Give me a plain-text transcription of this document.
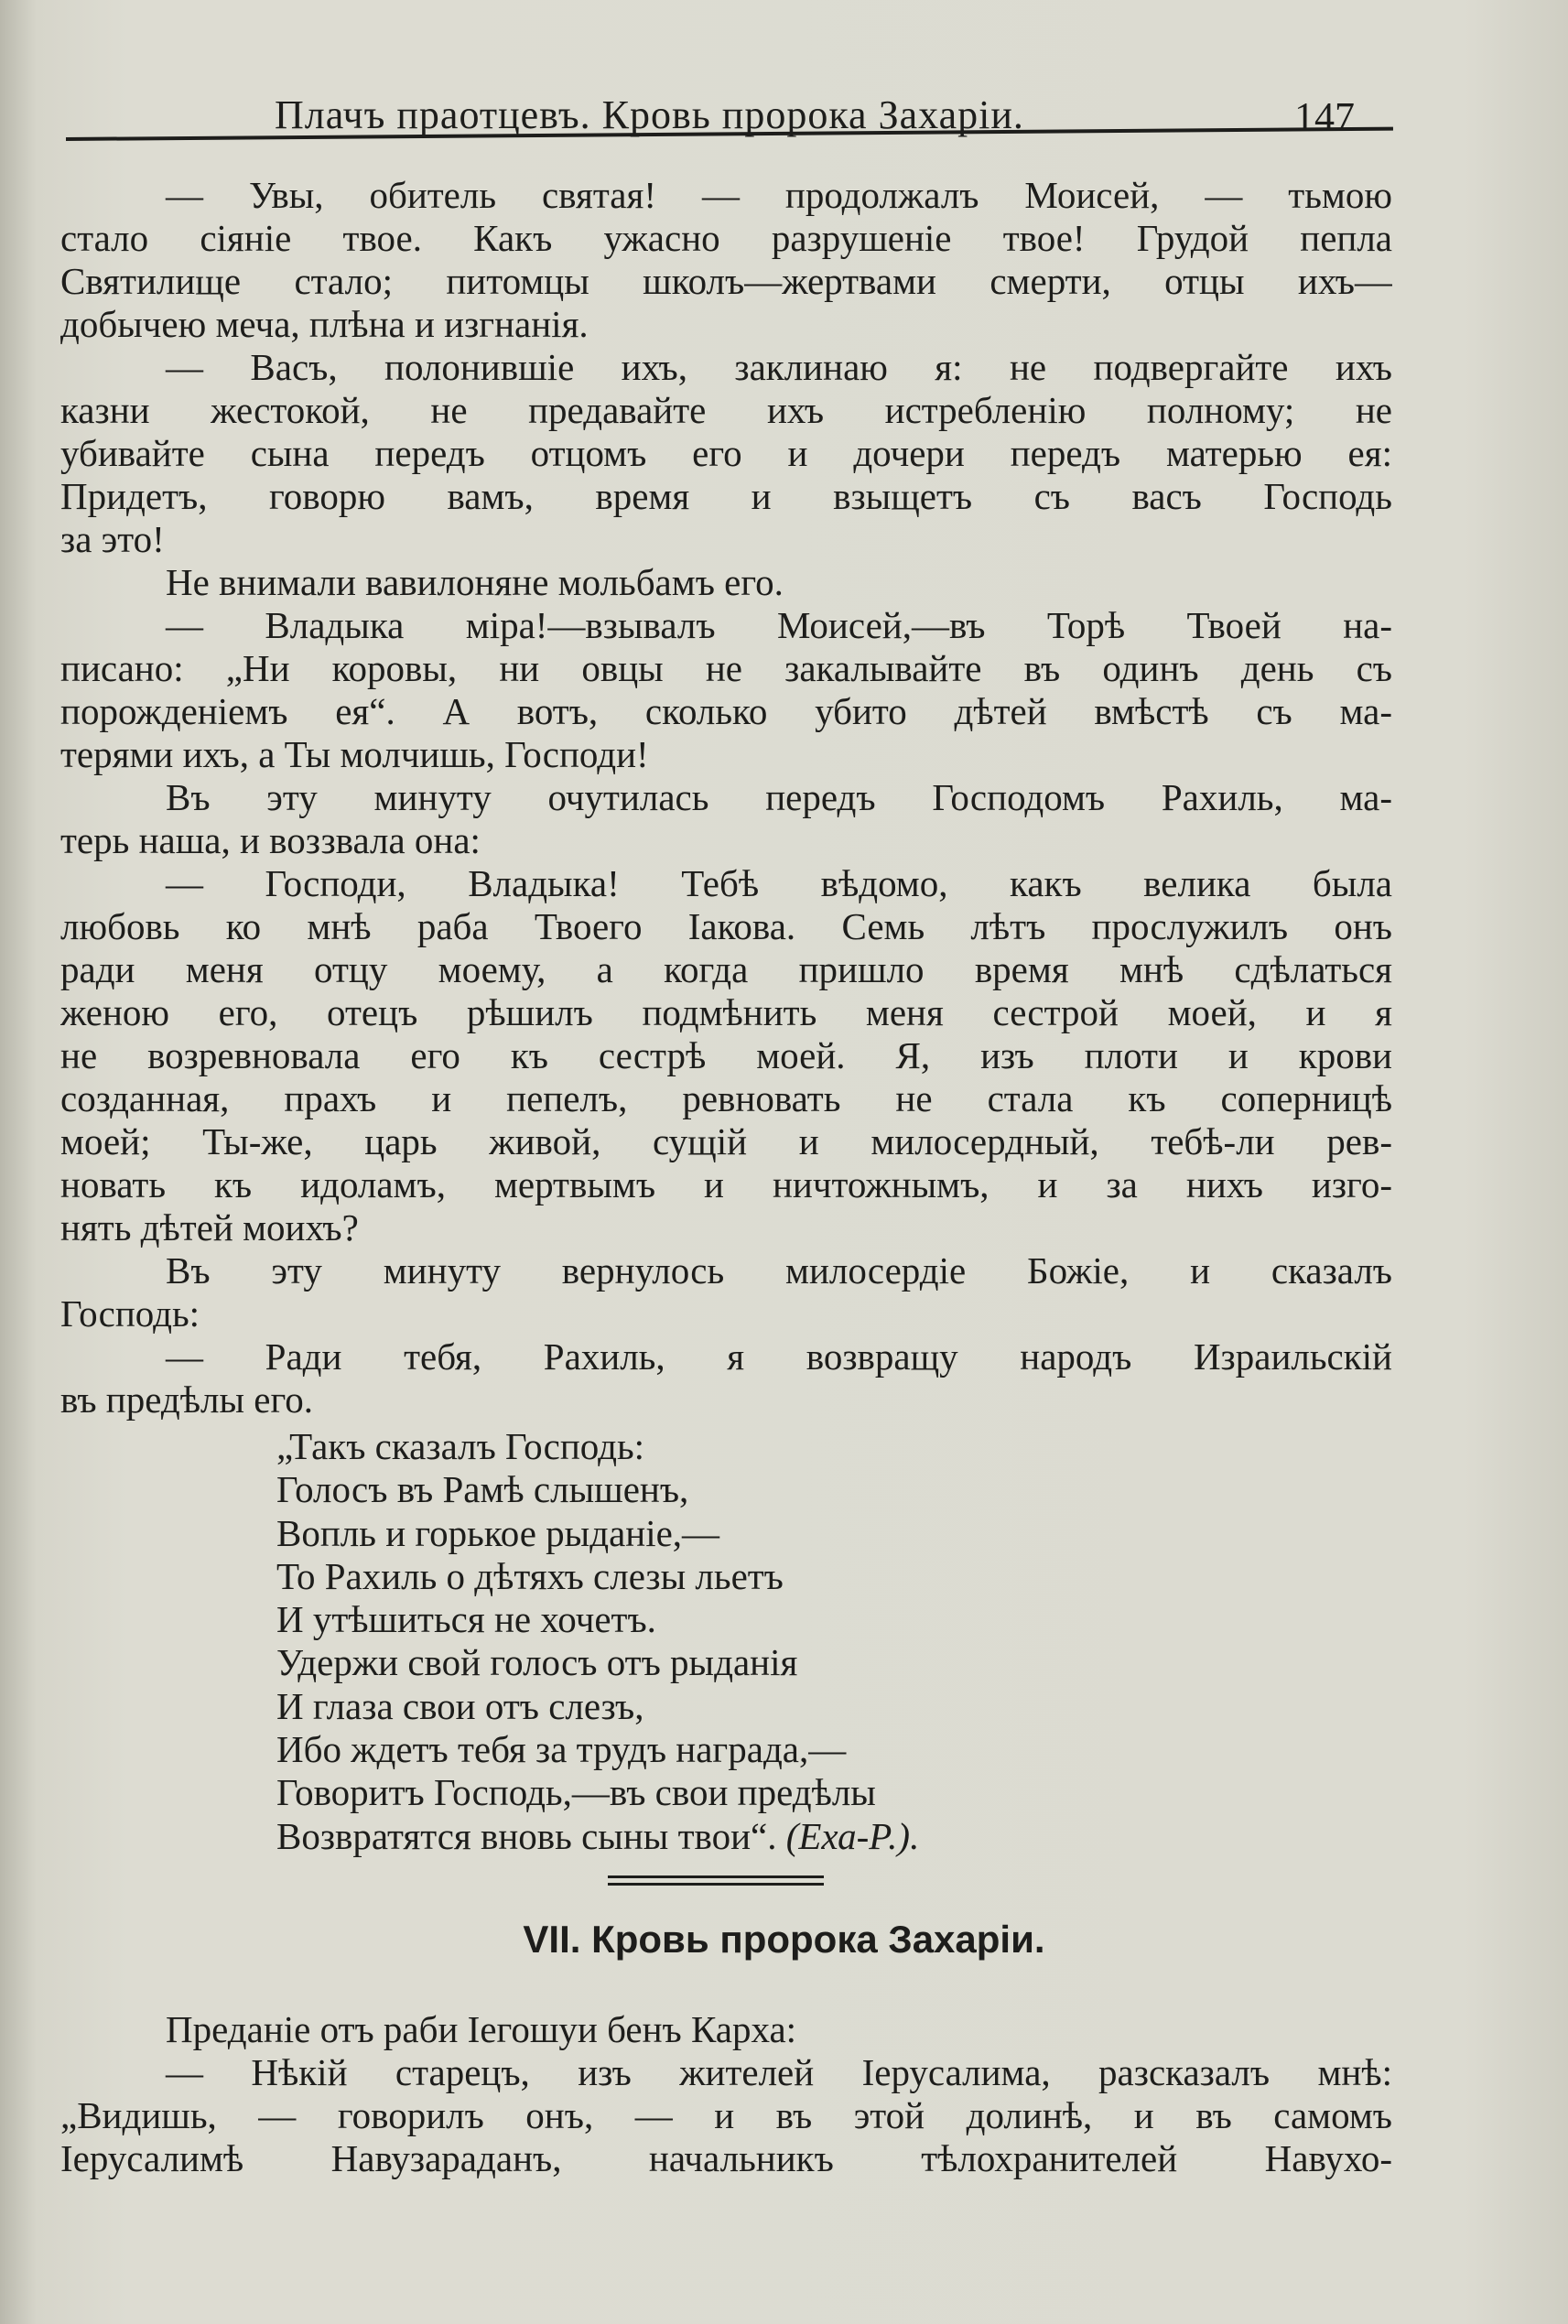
Плачъ праотцевъ. Кровь пророка Захаріи.	147
— Увы, обитель святая! — продолжалъ Моисей, — тьмою
стало сіяніе твое. Какъ ужасно разрушеніе твое! Грудой пепла
Святилище стало; питомцы школъ—жертвами смерти, отцы ихъ—
добычею меча, плѣна и изгнанія.
— Васъ, полонившіе ихъ, заклинаю я: не подвергайте ихъ
казни жестокой, не предавайте ихъ истребленію полному; не
убивайте сына передъ отцомъ его и дочери передъ матерью ея:
Придетъ, говорю вамъ, время и взыщетъ съ васъ Господь
за это!
Не внимали вавилоняне мольбамъ его.
— Владыка міра!—взывалъ Моисей,—въ Торѣ Твоей на-
писано: „Ни коровы, ни овцы не закалывайте въ одинъ день съ
порожденіемъ ея“. А вотъ, сколько убито дѣтей вмѣстѣ съ ма-
терями ихъ, а Ты молчишь, Господи!
Въ эту минуту очутилась передъ Господомъ Рахиль, ма-
терь наша, и воззвала она:
— Господи, Владыка! Тебѣ вѣдомо, какъ велика была
любовь ко мнѣ раба Твоего Іакова. Семь лѣтъ прослужилъ онъ
ради меня отцу моему, а когда пришло время мнѣ сдѣлаться
женою его, отецъ рѣшилъ подмѣнить меня сестрой моей, и я
не возревновала его къ сестрѣ моей. Я, изъ плоти и крови
созданная, прахъ и пепелъ, ревновать не стала къ соперницѣ
моей; Ты-же, царь живой, сущій и милосердный, тебѣ-ли рев-
новать къ идоламъ, мертвымъ и ничтожнымъ, и за нихъ изго-
нять дѣтей моихъ?
Въ эту минуту вернулось милосердіе Божіе, и сказалъ
Господь:
— Ради тебя, Рахиль, я возвращу народъ Израильскій
въ предѣлы его.
„Такъ сказалъ Господь:
Голосъ въ Рамѣ слышенъ,
Вопль и горькое рыданіе,—
То Рахиль о дѣтяхъ слезы льетъ
И утѣшиться не хочетъ.
Удержи свой голосъ отъ рыданія
И глаза свои отъ слезъ,
Ибо ждетъ тебя за трудъ награда,—
Говоритъ Господь,—въ свои предѣлы
Возвратятся вновь сыны твои“. (Еха-Р.).
VII. Кровь пророка Захаріи.
Преданіе отъ раби Іегошуи бенъ Карха:
— Нѣкій старецъ, изъ жителей Іерусалима, разсказалъ мнѣ:
„Видишь, — говорилъ онъ, — и въ этой долинѣ, и въ самомъ
Іерусалимѣ Навузараданъ, начальникъ тѣлохранителей Навухо-
